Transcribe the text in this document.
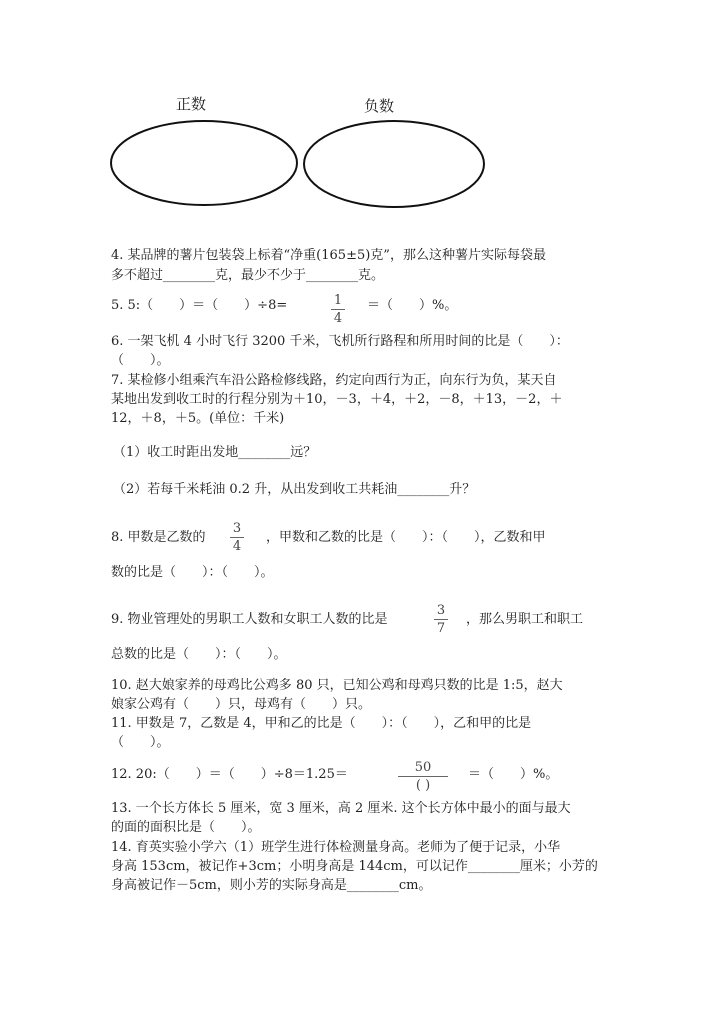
正数	负数
4. 某品牌的薯片包装袋上标着“净重(165±5)克”，那么这种薯片实际每袋最
多不超过________克，最少不少于________克。
5. 5:（　　）＝（　　）÷8=	1
4
＝（　　）%。
6. 一架飞机 4 小时飞行 3200 千米，飞机所行路程和所用时间的比是（　　）：
（　　）。
7. 某检修小组乘汽车沿公路检修线路，约定向西行为正，向东行为负，某天自
某地出发到收工时的行程分别为＋10，－3，＋4，＋2，－8，＋13，－2，＋
12，＋8，＋5。(单位：千米)
（1）收工时距出发地________远？
（2）若每千米耗油 0.2 升，从出发到收工共耗油________升？
8. 甲数是乙数的
3
4
，甲数和乙数的比是（　　）：（　　），乙数和甲
数的比是（　　）：（　　）。
9. 物业管理处的男职工人数和女职工人数的比是
3
7
，那么男职工和职工
总数的比是（　　）：（　　）。
10. 赵大娘家养的母鸡比公鸡多 80 只，已知公鸡和母鸡只数的比是 1:5，赵大
娘家公鸡有（　　）只，母鸡有（　　）只。
11. 甲数是 7，乙数是 4，甲和乙的比是（　　）：（　　），乙和甲的比是
（　　）。
12. 20:（　　）＝（　　）÷8＝1.25＝	50
( )
＝（　　）%。
13. 一个长方体长 5 厘米，宽 3 厘米，高 2 厘米. 这个长方体中最小的面与最大
的面的面积比是（　　）。
14. 育英实验小学六（1）班学生进行体检测量身高。老师为了便于记录，小华
身高 153cm，被记作+3cm；小明身高是 144cm，可以记作________厘米；小芳的
身高被记作－5cm，则小芳的实际身高是________cm。
